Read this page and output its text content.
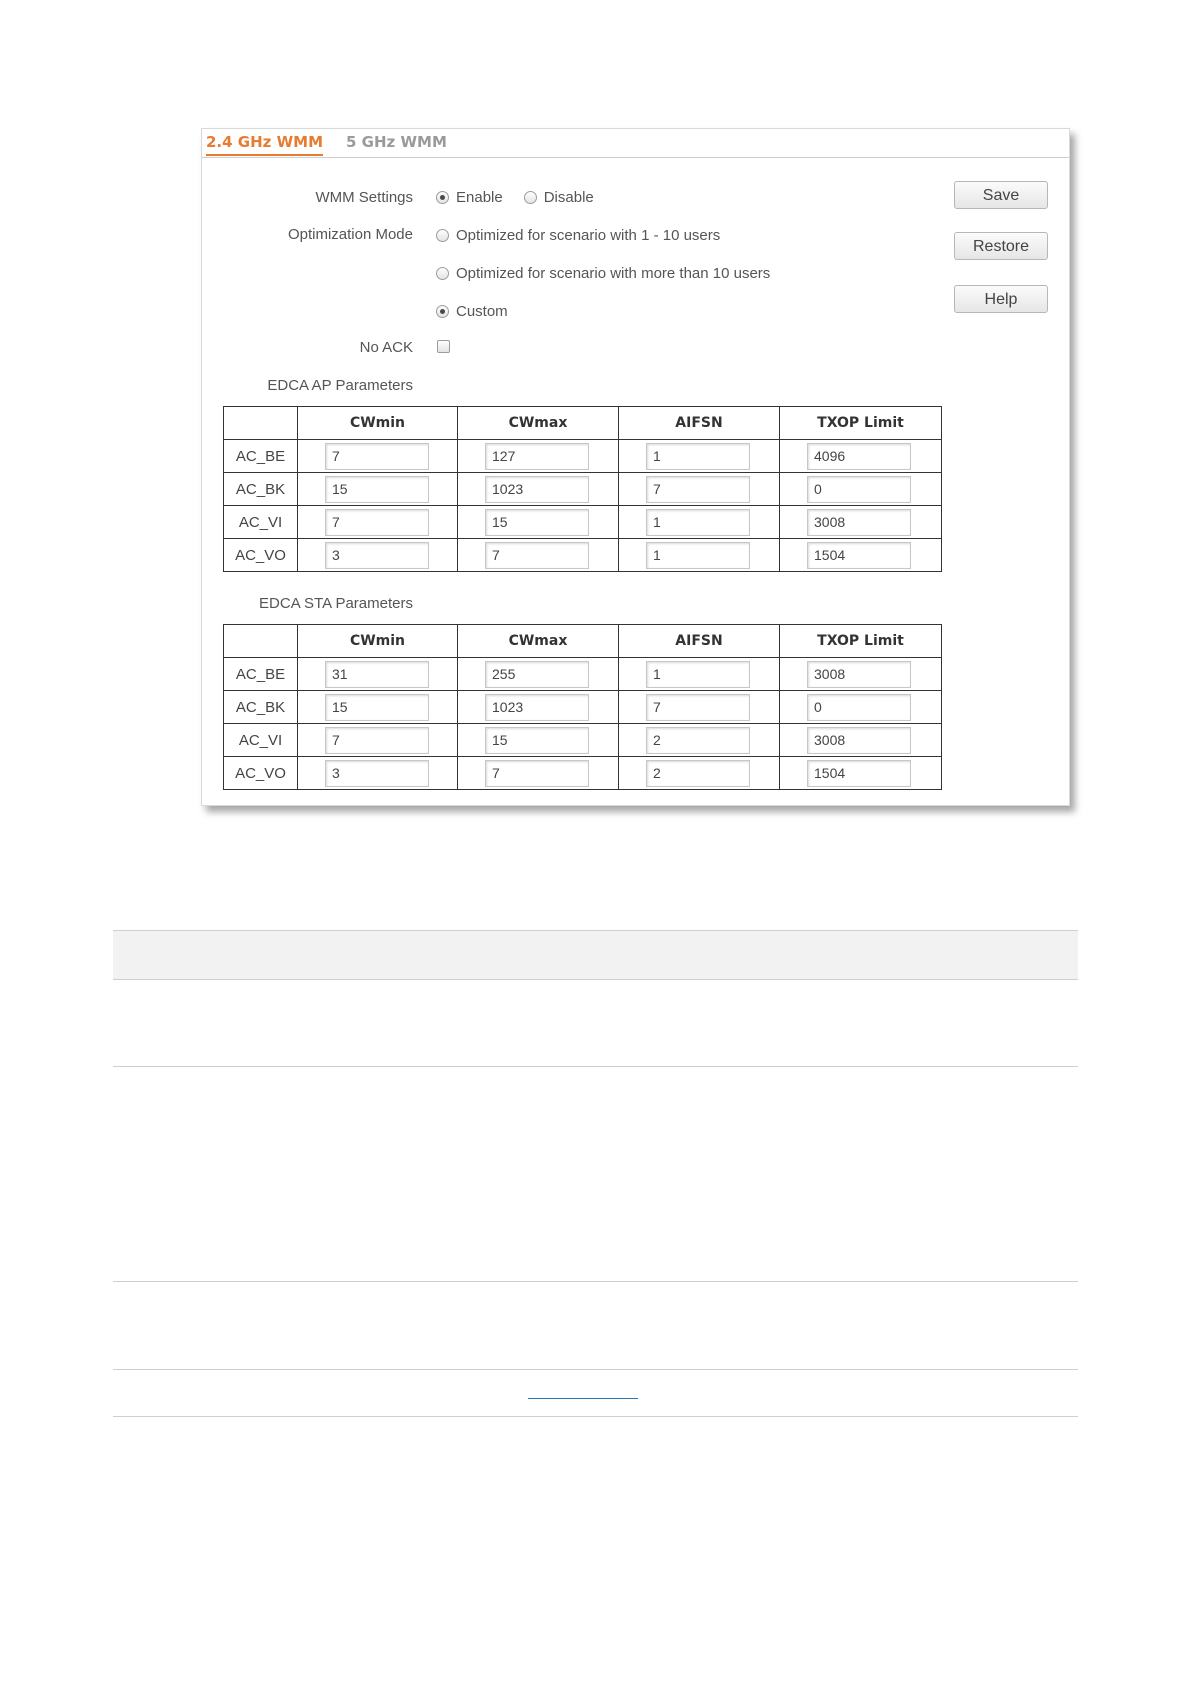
2.4 GHz WMM 5 GHz WMM
WMM Settings	Enable	Disable
Optimization Mode	Optimized for scenario with 1 - 10 users
Optimized for scenario with more than 10 users
Custom
No ACK
Save
Restore
Help
EDCA AP Parameters
	CWmin	CWmax	AIFSN	TXOP Limit
AC_BE	7	127	1	4096

AC_BK	15	1023	7	0

AC_VI	7	15	1	3008

AC_VO	3	7	1	1504
EDCA STA Parameters
	CWmin	CWmax	AIFSN	TXOP Limit
AC_BE	31	255	1	3008

AC_BK	15	1023	7	0

AC_VI	7	15	2	3008

AC_VO	3	7	2	1504
